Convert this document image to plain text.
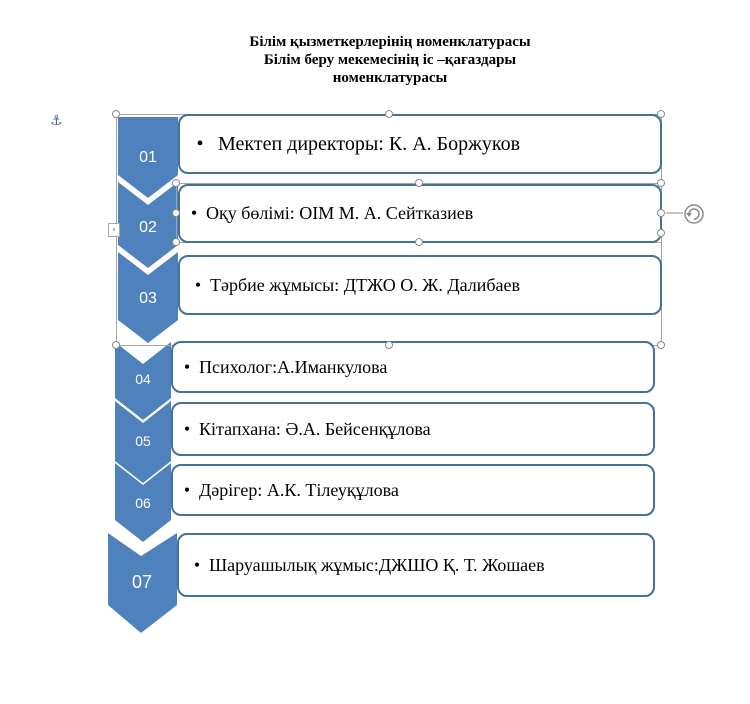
Білім қызметкерлерінің номенклатурасы
Білім беру мекемесінің іс –қағаздары
номенклатурасы
⚓
01
02
03
04
05
06
07
• Мектеп директоры: К. А. Боржуков
• Оқу бөлімі: ОІМ М. А. Сейтказиев
• Тәрбие жұмысы: ДТЖО О. Ж. Далибаев
• Психолог:А.Иманкулова
• Кітапхана: Ә.А. Бейсенқұлова
• Дәрігер: А.К. Тілеуқұлова
• Шаруашылық жұмыс:ДЖШО Қ. Т. Жошаев
‹
